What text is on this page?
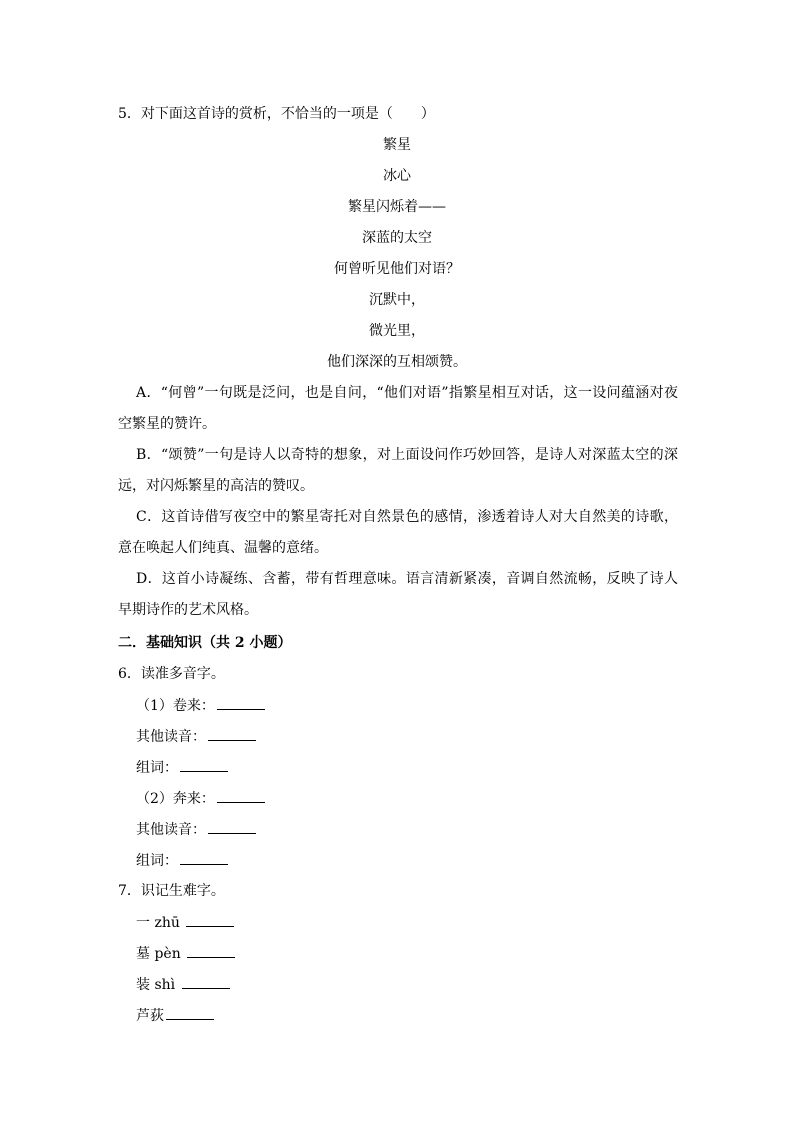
5．对下面这首诗的赏析，不恰当的一项是（　　）
繁星
冰心
繁星闪烁着——
深蓝的太空
何曾听见他们对语？
沉默中，
微光里，
他们深深的互相颂赞。
A．“何曾”一句既是泛问，也是自问，“他们对语”指繁星相互对话，这一设问蕴涵对夜空繁星的赞许。
B．“颂赞”一句是诗人以奇特的想象，对上面设问作巧妙回答，是诗人对深蓝太空的深远，对闪烁繁星的高洁的赞叹。
C．这首诗借写夜空中的繁星寄托对自然景色的感情，渗透着诗人对大自然美的诗歌，意在唤起人们纯真、温馨的意绪。
D．这首小诗凝练、含蓄，带有哲理意味。语言清新紧凑，音调自然流畅，反映了诗人早期诗作的艺术风格。
二．基础知识（共 2 小题）
6．读准多音字。
（1）卷来：
其他读音：
组词：
（2）奔来：
其他读音：
组词：
7．识记生难字。
一 zhū
墓 pèn
装 shì
芦荻
